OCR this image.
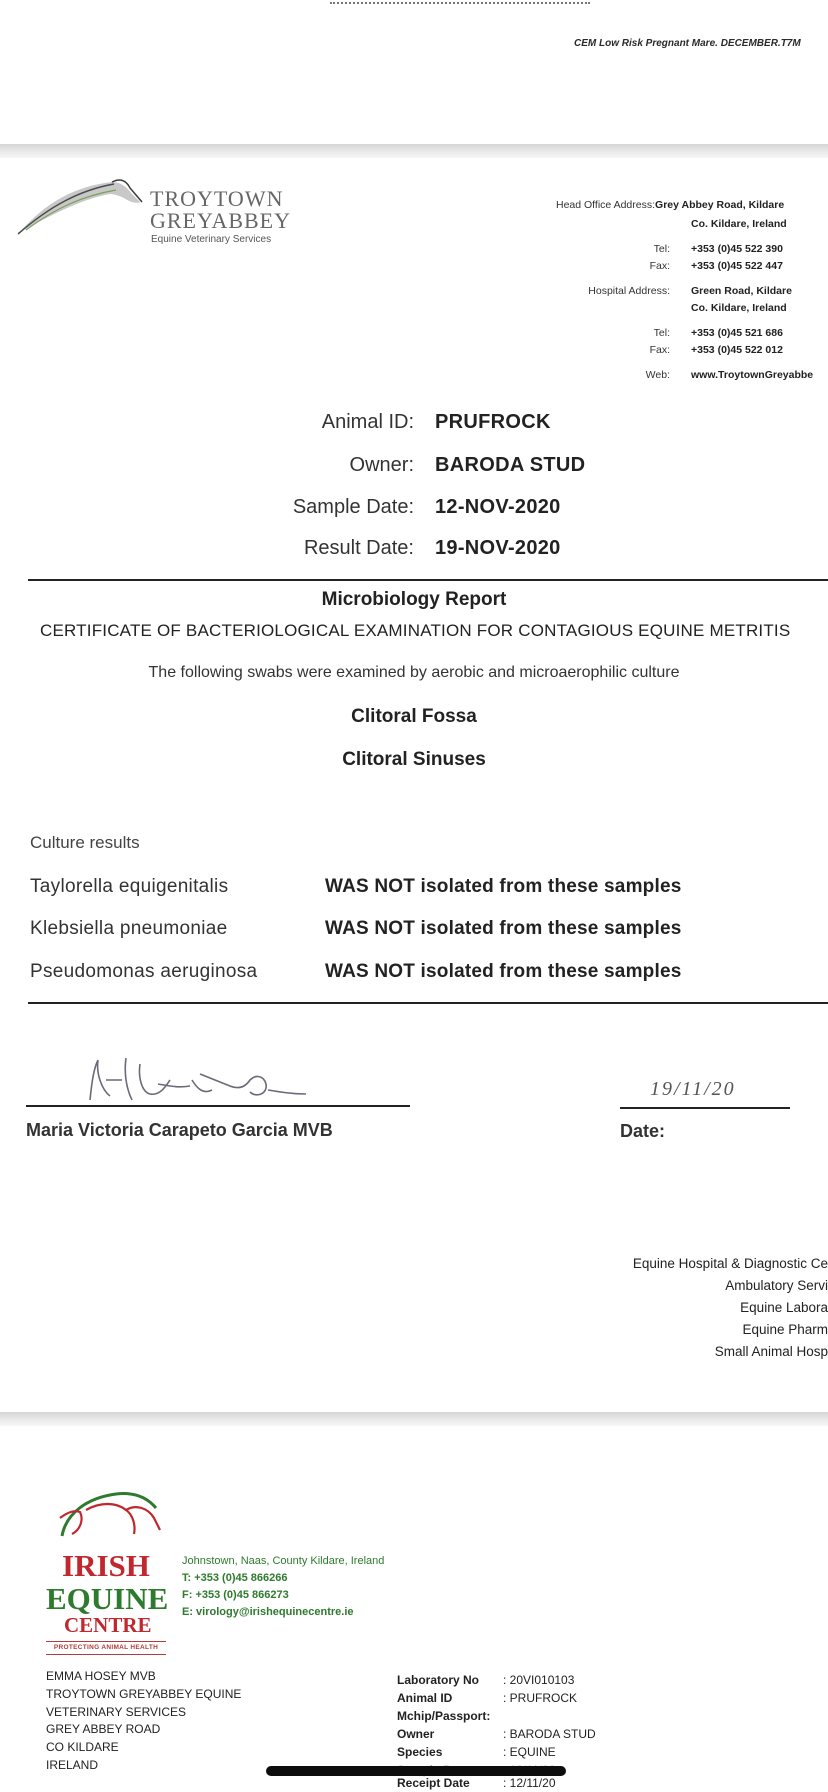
CEM Low Risk Pregnant Mare. DECEMBER.T7M
TROYTOWN
GREYABBEY
Equine Veterinary Services
Head Office Address:Grey Abbey Road, Kildare
Co. Kildare, Ireland
Tel: +353 (0)45 522 390
Fax: +353 (0)45 522 447
Hospital Address: Green Road, Kildare
Co. Kildare, Ireland
Tel: +353 (0)45 521 686
Fax: +353 (0)45 522 012
Web: www.TroytownGreyabbe
Animal ID: PRUFROCK
Owner: BARODA STUD
Sample Date: 12-NOV-2020
Result Date: 19-NOV-2020
Microbiology Report
CERTIFICATE OF BACTERIOLOGICAL EXAMINATION FOR CONTAGIOUS EQUINE METRITIS
The following swabs were examined by aerobic and microaerophilic culture
Clitoral Fossa
Clitoral Sinuses
Culture results
Taylorella equigenitalis	WAS NOT isolated from these samples
Klebsiella pneumoniae	WAS NOT isolated from these samples
Pseudomonas aeruginosa	WAS NOT isolated from these samples
Maria Victoria Carapeto Garcia MVB
19/11/20
Date:
Equine Hospital & Diagnostic Ce
Ambulatory Servi
Equine Labora
Equine Pharm
Small Animal Hosp
IRISH
EQUINE
CENTRE
PROTECTING ANIMAL HEALTH
Johnstown, Naas, County Kildare, Ireland
T: +353 (0)45 866266
F: +353 (0)45 866273
E: virology@irishequinecentre.ie
EMMA HOSEY MVB
TROYTOWN GREYABBEY EQUINE
VETERINARY SERVICES
GREY ABBEY ROAD
CO KILDARE
IRELAND
Laboratory No : 20VI010103
Animal ID	: PRUFROCK
Mchip/Passport:
Owner	: BARODA STUD
Species	: EQUINE
Receipt Date	: 12/11/20
